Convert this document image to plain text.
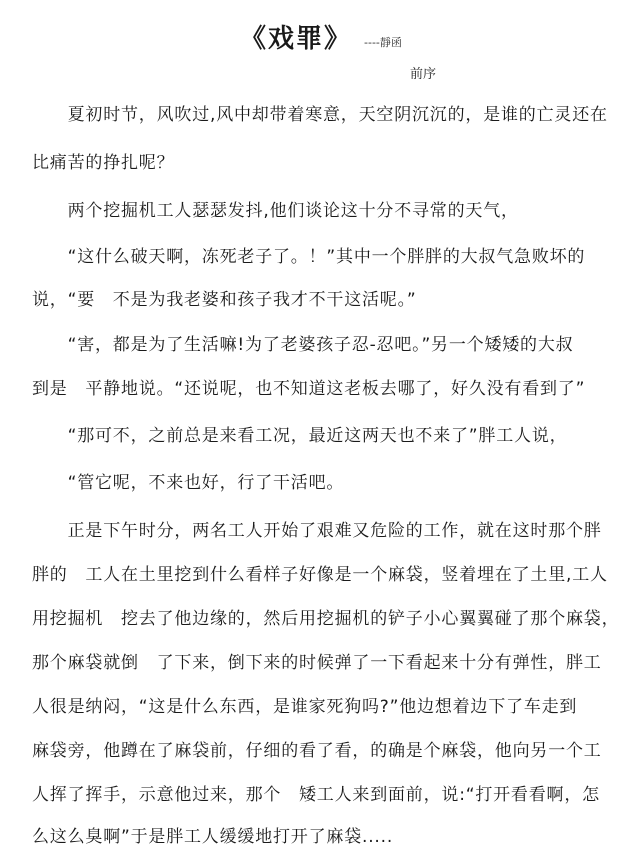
《戏罪》 ----靜函
前序
　　夏初时节，风吹过,风中却带着寒意，天空阴沉沉的，是谁的亡灵还在
比痛苦的挣扎呢？
　　两个挖掘机工人瑟瑟发抖,他们谈论这十分不寻常的天气，
　　“这什么破天啊，冻死老子了。！”其中一个胖胖的大叔气急败坏的
说，“要　不是为我老婆和孩子我才不干这活呢。”
　　“害，都是为了生活嘛!为了老婆孩子忍-忍吧。”另一个矮矮的大叔
到是　平静地说。“还说呢，也不知道这老板去哪了，好久没有看到了”
　　“那可不，之前总是来看工况，最近这两天也不来了”胖工人说，
　　“管它呢，不来也好，行了干活吧。
　　正是下午时分，两名工人开始了艰难又危险的工作，就在这时那个胖
胖的　工人在土里挖到什么看样子好像是一个麻袋，竖着埋在了土里,工人
用挖掘机　挖去了他边缘的，然后用挖掘机的铲子小心翼翼碰了那个麻袋，
那个麻袋就倒　了下来，倒下来的时候弹了一下看起来十分有弹性，胖工
人很是纳闷，“这是什么东西，是谁家死狗吗?”他边想着边下了车走到
麻袋旁，他蹲在了麻袋前，仔细的看了看，的确是个麻袋，他向另一个工
人挥了挥手，示意他过来，那个　矮工人来到面前，说:“打开看看啊，怎
么这么臭啊”于是胖工人缓缓地打开了麻袋.....
